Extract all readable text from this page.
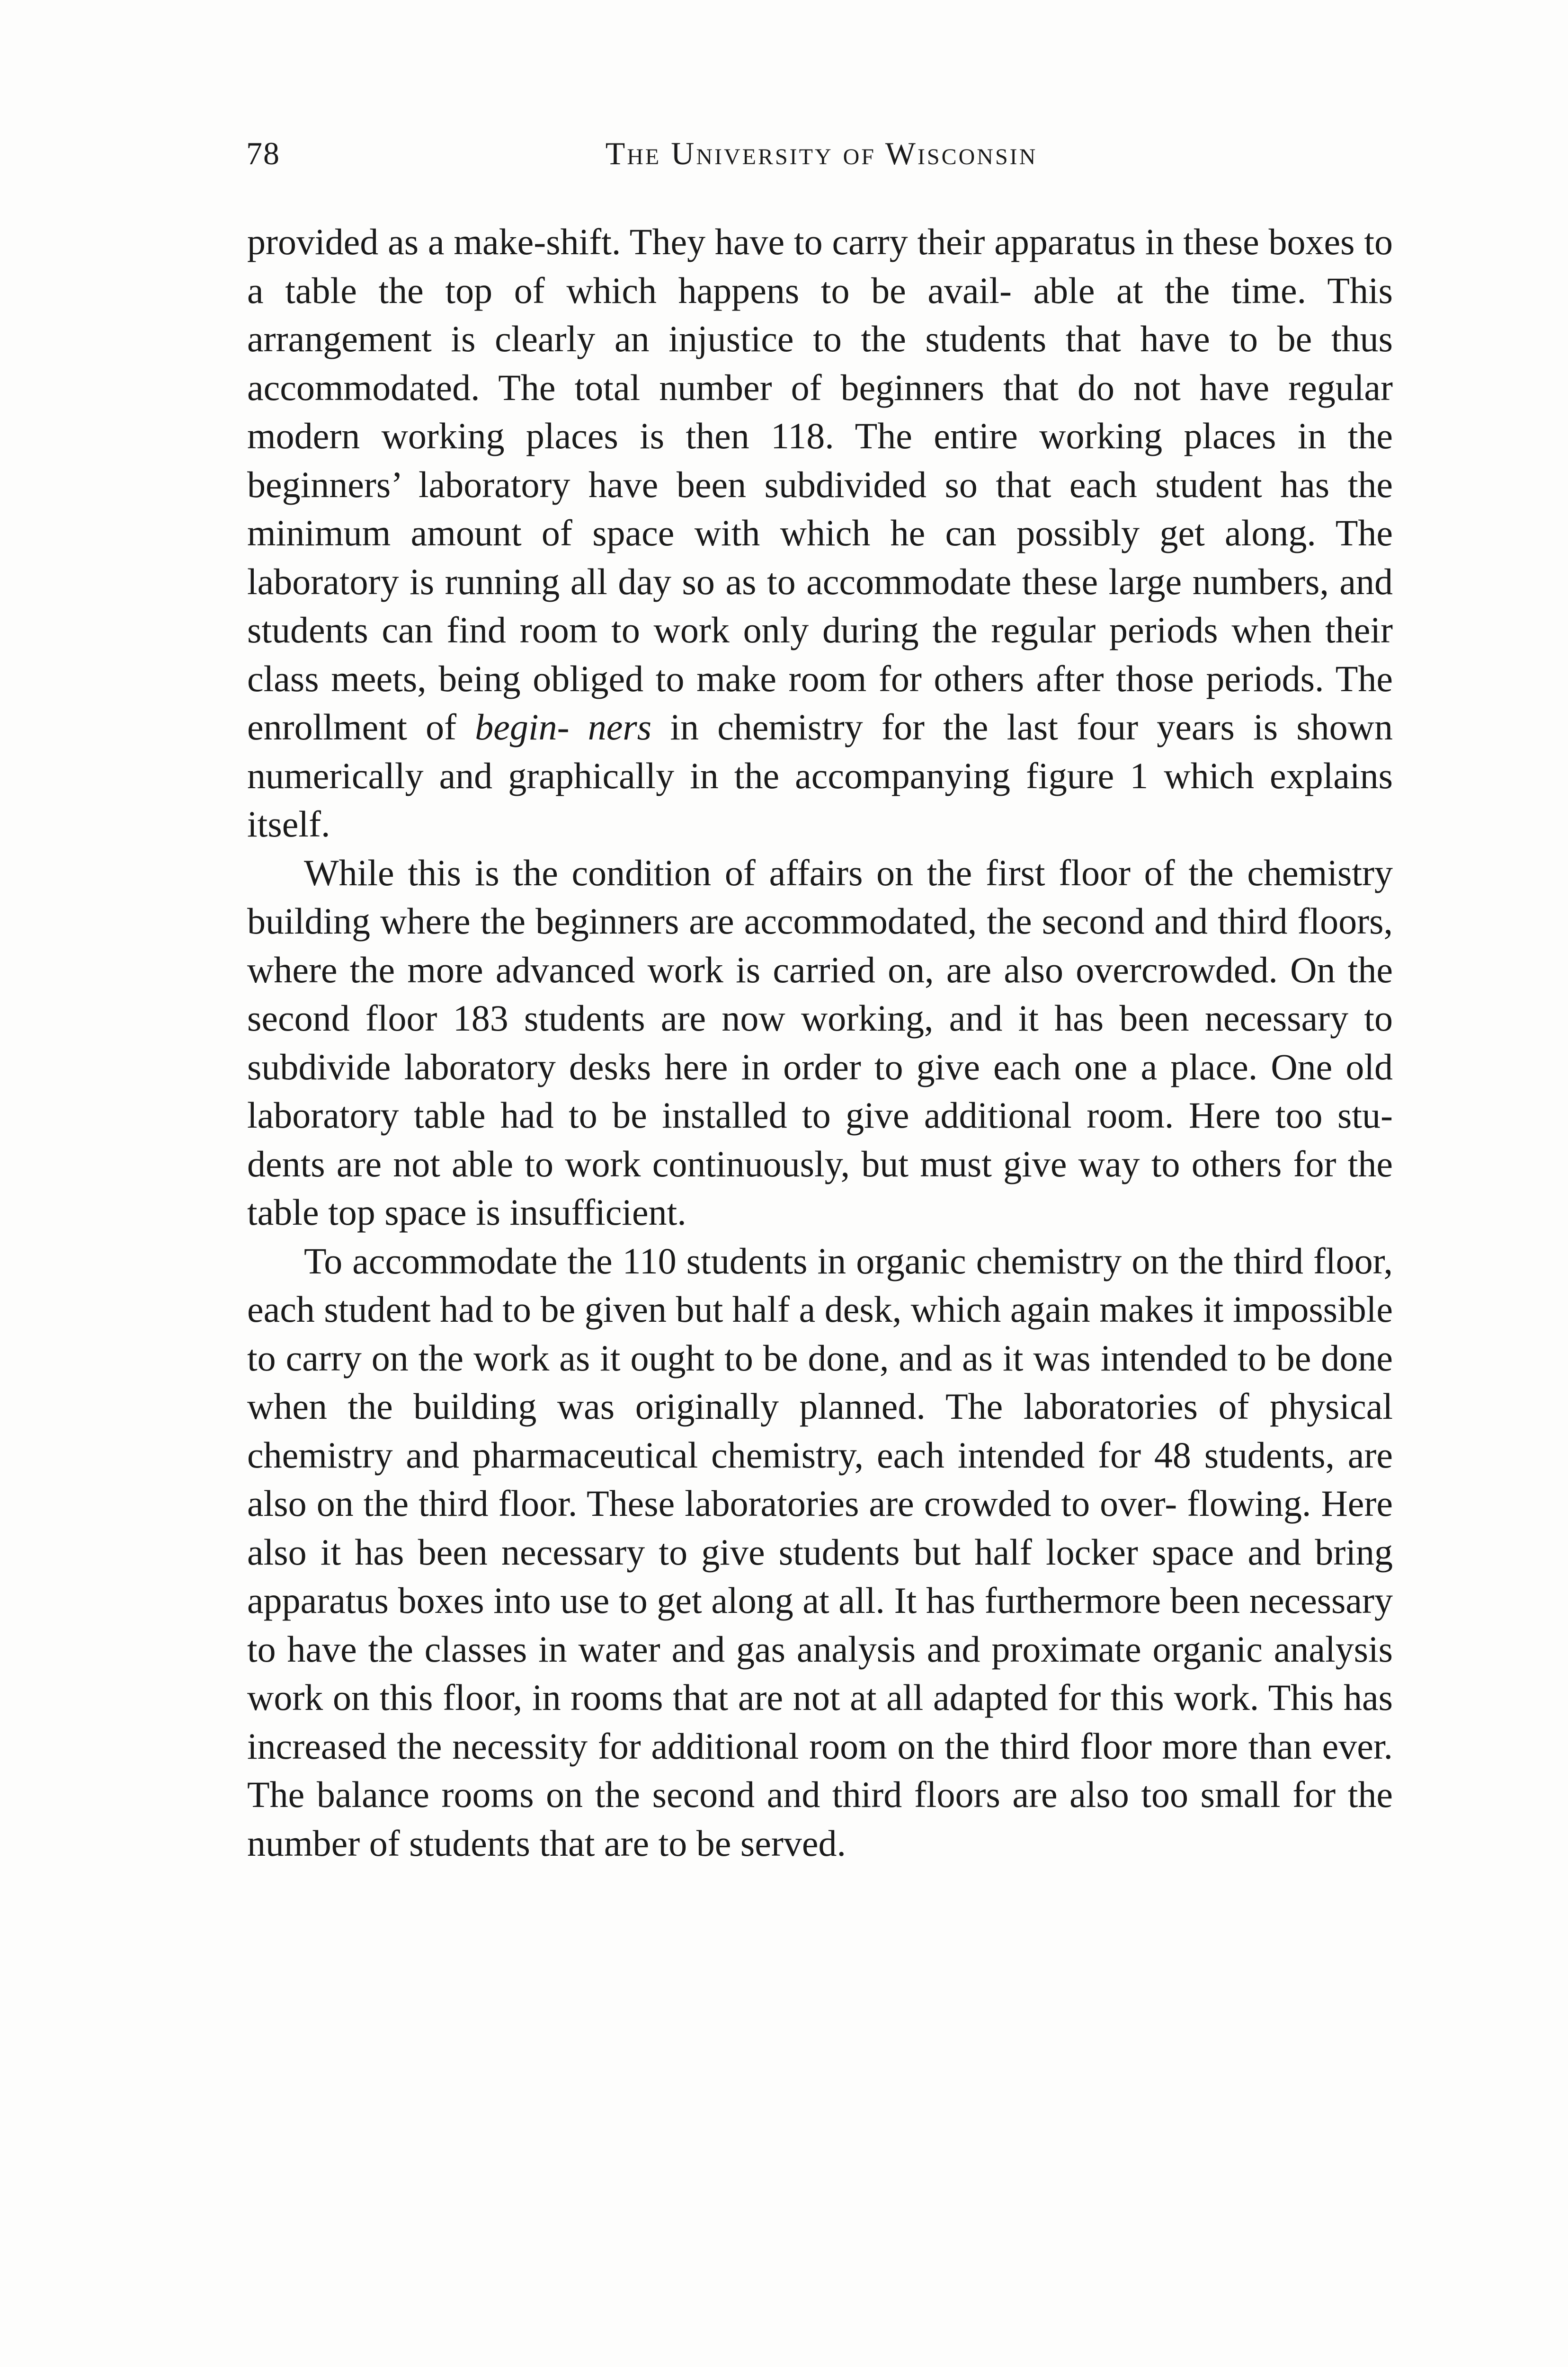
78	The University of Wisconsin

provided as a make-shift. They have to carry their apparatus in these boxes to a table the top of which happens to be avail- able at the time. This arrangement is clearly an injustice to the students that have to be thus accommodated. The total number of beginners that do not have regular modern working places is then 118. The entire working places in the beginners’ laboratory have been subdivided so that each student has the minimum amount of space with which he can possibly get along. The laboratory is running all day so as to accommodate these large numbers, and students can find room to work only during the regular periods when their class meets, being obliged to make room for others after those periods. The enrollment of begin- ners in chemistry for the last four years is shown numerically and graphically in the accompanying figure 1 which explains itself.

While this is the condition of affairs on the first floor of the chemistry building where the beginners are accommodated, the second and third floors, where the more advanced work is carried on, are also overcrowded. On the second floor 183 students are now working, and it has been necessary to subdivide laboratory desks here in order to give each one a place. One old laboratory table had to be installed to give additional room. Here too stu- dents are not able to work continuously, but must give way to others for the table top space is insufficient.

To accommodate the 110 students in organic chemistry on the third floor, each student had to be given but half a desk, which again makes it impossible to carry on the work as it ought to be done, and as it was intended to be done when the building was originally planned. The laboratories of physical chemistry and pharmaceutical chemistry, each intended for 48 students, are also on the third floor. These laboratories are crowded to over- flowing. Here also it has been necessary to give students but half locker space and bring apparatus boxes into use to get along at all. It has furthermore been necessary to have the classes in water and gas analysis and proximate organic analysis work on this floor, in rooms that are not at all adapted for this work. This has increased the necessity for additional room on the third floor more than ever. The balance rooms on the second and third floors are also too small for the number of students that are to be served.
